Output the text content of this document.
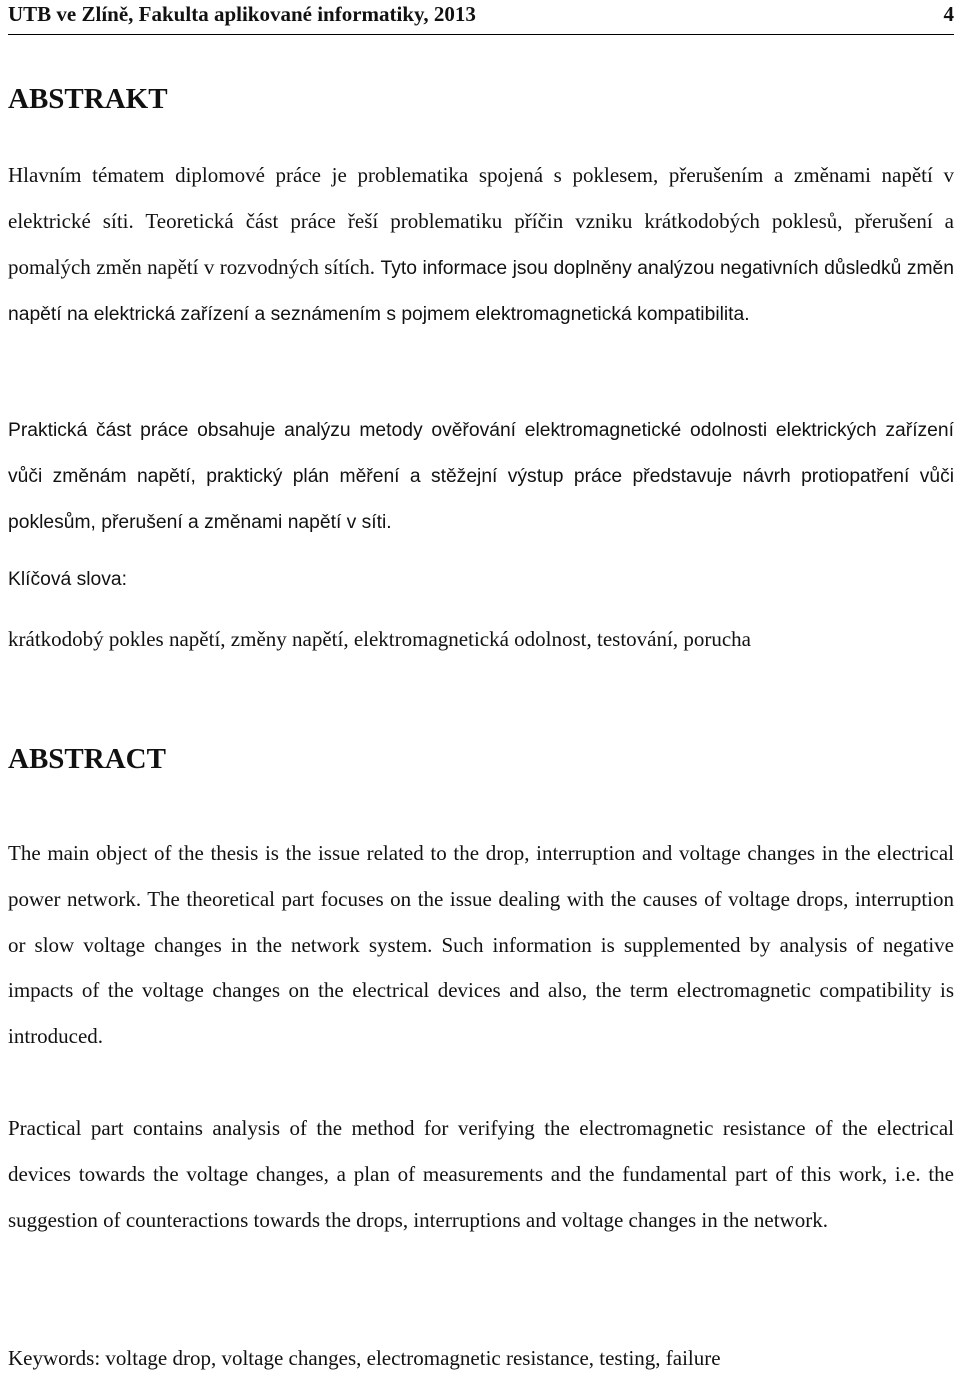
UTB ve Zlíně, Fakulta aplikované informatiky, 2013	4
ABSTRAKT
Hlavním tématem diplomové práce je problematika spojená s poklesem, přerušením a změnami napětí v elektrické síti. Teoretická část práce řeší problematiku příčin vzniku krátkodobých poklesů, přerušení a pomalých změn napětí v rozvodných sítích. Tyto informace jsou doplněny analýzou negativních důsledků změn napětí na elektrická zařízení a seznámením s pojmem elektromagnetická kompatibilita.
Praktická část práce obsahuje analýzu metody ověřování elektromagnetické odolnosti elektrických zařízení vůči změnám napětí, praktický plán měření a stěžejní výstup práce představuje návrh protiopatření vůči poklesům, přerušení a změnami napětí v síti.
Klíčová slova:
krátkodobý pokles napětí, změny napětí, elektromagnetická odolnost, testování, porucha
ABSTRACT
The main object of the thesis is the issue related to the drop, interruption and voltage changes in the electrical power network. The theoretical part focuses on the issue dealing with the causes of voltage drops, interruption or slow voltage changes in the network system. Such information is supplemented by analysis of negative impacts of the voltage changes on the electrical devices and also, the term electromagnetic compatibility is introduced.
Practical part contains analysis of the method for verifying the electromagnetic resistance of the electrical devices towards the voltage changes, a plan of measurements and the fundamental part of this work, i.e. the suggestion of counteractions towards the drops, interruptions and voltage changes in the network.
Keywords: voltage drop, voltage changes, electromagnetic resistance, testing, failure
